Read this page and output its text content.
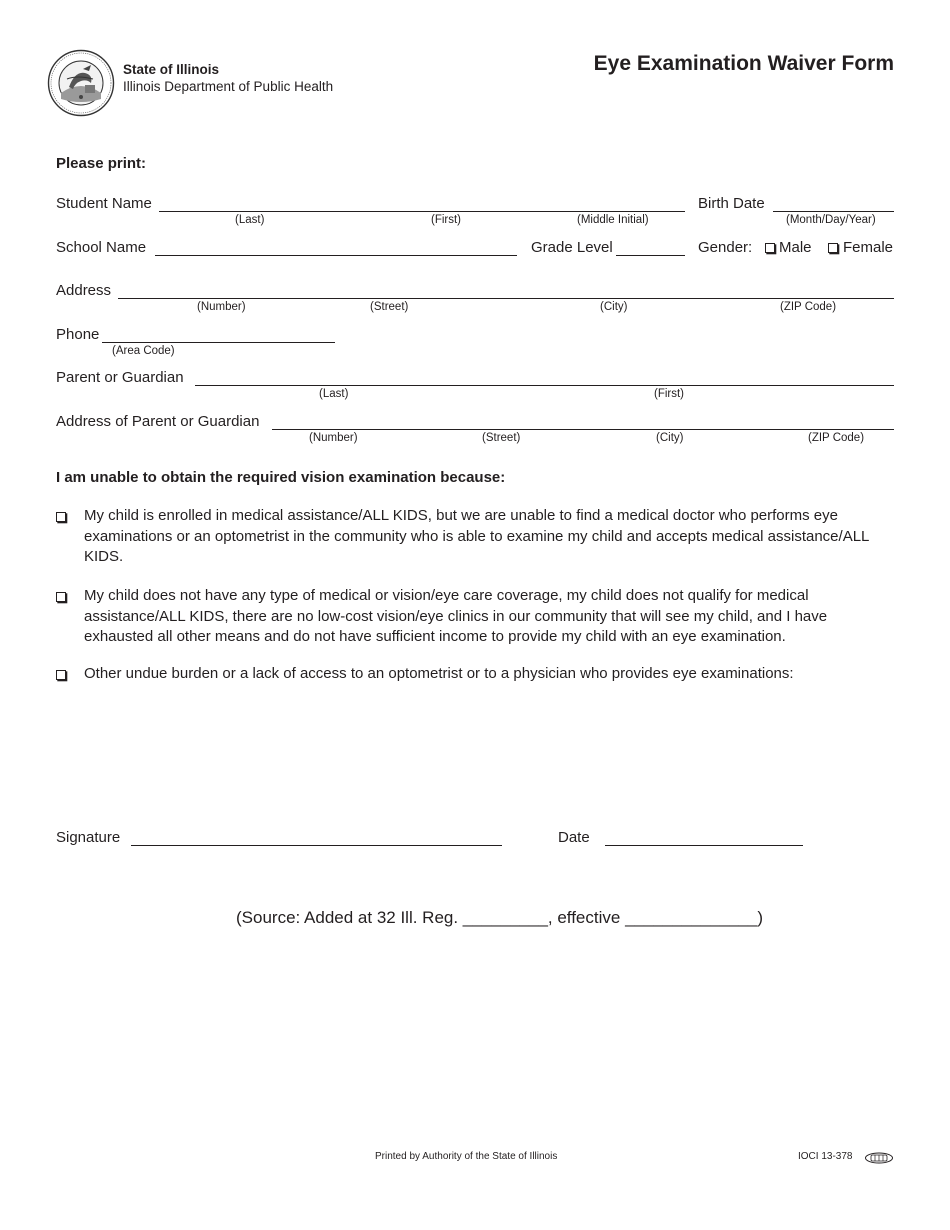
State of Illinois
Illinois Department of Public Health
Eye Examination Waiver Form
Please print:
Student Name
(Last)	(First)	(Middle Initial)
Birth Date
(Month/Day/Year)
School Name	Grade Level	Gender: Male Female
Address
(Number)	(Street)	(City)	(ZIP Code)
Phone
(Area Code)
Parent or Guardian
(Last)	(First)
Address of Parent or Guardian
(Number)	(Street)	(City)	(ZIP Code)
I am unable to obtain the required vision examination because:
My child is enrolled in medical assistance/ALL KIDS, but we are unable to find a medical doctor who performs eye
examinations or an optometrist in the community who is able to examine my child and accepts medical assistance/ALL
KIDS.
My child does not have any type of medical or vision/eye care coverage, my child does not qualify for medical
assistance/ALL KIDS, there are no low-cost vision/eye clinics in our community that will see my child, and I have
exhausted all other means and do not have sufficient income to provide my child with an eye examination.
Other undue burden or a lack of access to an optometrist or to a physician who provides eye examinations:
Signature	Date
(Source: Added at 32 Ill. Reg. _________, effective ______________)
Printed by Authority of the State of Illinois	IOCI 13-378
